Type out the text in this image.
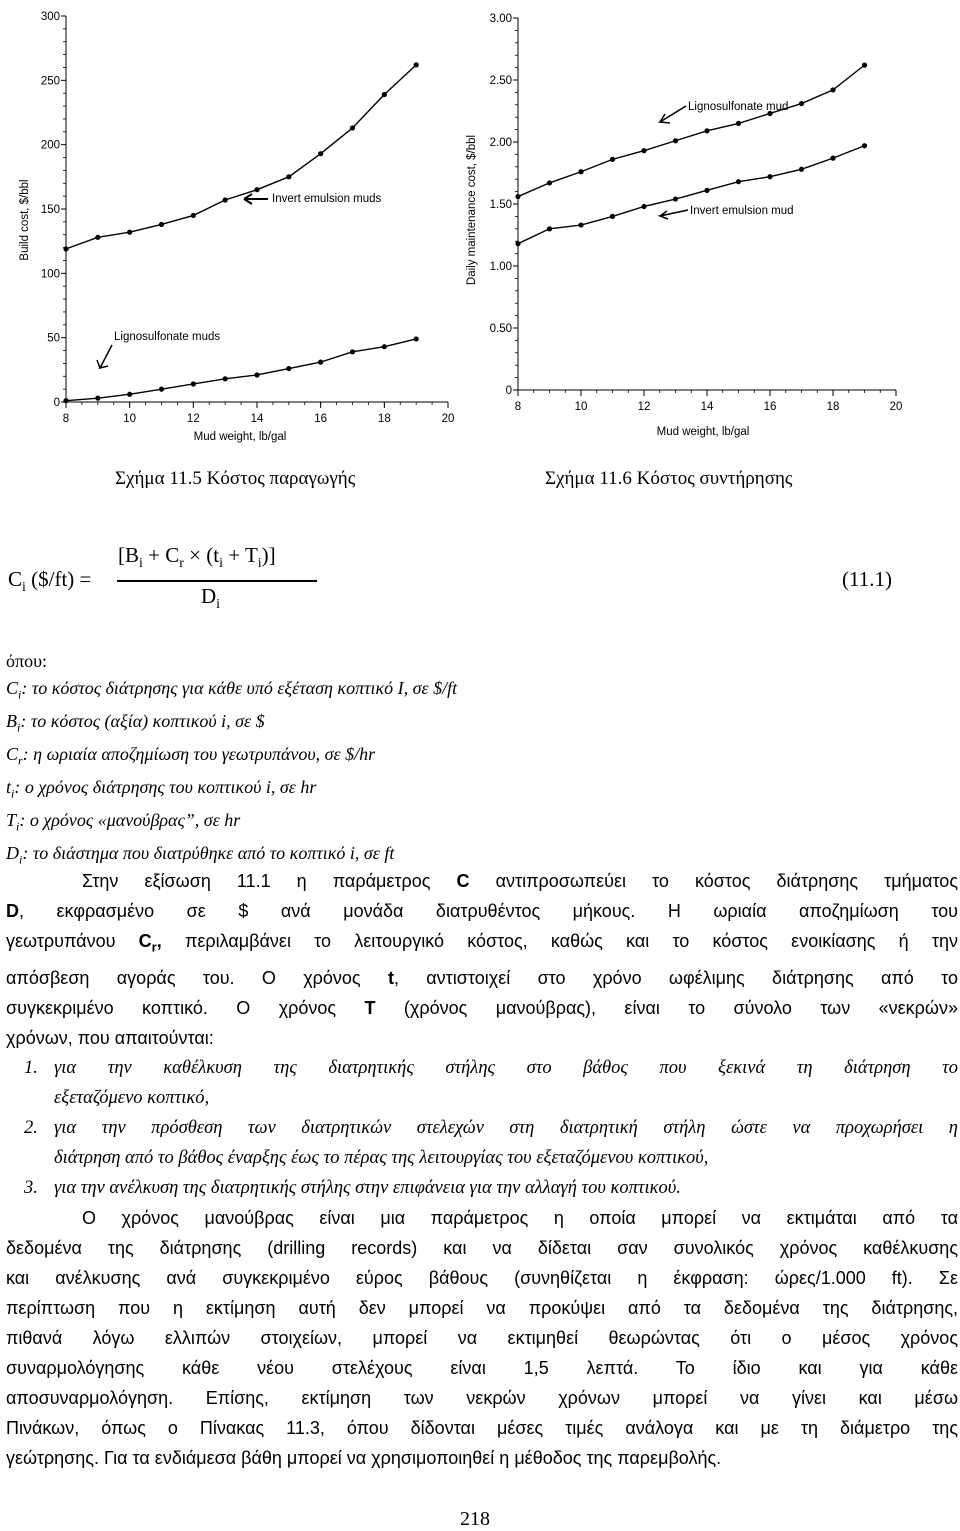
0
50
100
150
200
250
300
8	10	12	14	16	18	20
Build cost, $/bbl
Mud weight, lb/gal
Invert emulsion muds
Lignosulfonate muds
0
0.50
1.00
1.50
2.00
2.50
3.00
8	10	12	14	16	18	20
Daily maintenance cost, $/bbl
Mud weight, lb/gal
Lignosulfonate mud
Invert emulsion mud
Σχήμα 11.5 Κόστος παραγωγής	Σχήμα 11.6 Κόστος συντήρησης
$C_i$ ($/ft) =
$[B_i + C_r \times (t_i + T_i)]$
$D_i$
(11.1)
όπου:
$C_i$: το κόστος διάτρησης για κάθε υπό εξέταση κοπτικό I, σε $/ft
$B_i$: το κόστος (αξία) κοπτικού i, σε $
$C_r$: η ωριαία αποζημίωση του γεωτρυπάνου, σε $/hr
$t_i$: ο χρόνος διάτρησης του κοπτικού i, σε hr
$T_i$: ο χρόνος «μανούβρας”, σε hr
$D_i$: το διάστημα που διατρύθηκε από το κοπτικό i, σε ft
Στην εξίσωση 11.1 η παράμετρος C αντιπροσωπεύει το κόστος διάτρησης τμήματος
D, εκφρασμένο σε $ ανά μονάδα διατρυθέντος μήκους. Η ωριαία αποζημίωση του
γεωτρυπάνου $C_r$, περιλαμβάνει το λειτουργικό κόστος, καθώς και το κόστος ενοικίασης ή την
απόσβεση αγοράς του. Ο χρόνος t, αντιστοιχεί στο χρόνο ωφέλιμης διάτρησης από το
συγκεκριμένο κοπτικό. Ο χρόνος T (χρόνος μανούβρας), είναι το σύνολο των «νεκρών»
χρόνων, που απαιτούνται:
1. για την καθέλκυση της διατρητικής στήλης στο βάθος που ξεκινά τη διάτρηση το
εξεταζόμενο κοπτικό,
2. για την πρόσθεση των διατρητικών στελεχών στη διατρητική στήλη ώστε να προχωρήσει η
διάτρηση από το βάθος έναρξης έως το πέρας της λειτουργίας του εξεταζόμενου κοπτικού,
3. για την ανέλκυση της διατρητικής στήλης στην επιφάνεια για την αλλαγή του κοπτικού.
Ο χρόνος μανούβρας είναι μια παράμετρος η οποία μπορεί να εκτιμάται από τα
δεδομένα της διάτρησης (drilling records) και να δίδεται σαν συνολικός χρόνος καθέλκυσης
και ανέλκυσης ανά συγκεκριμένο εύρος βάθους (συνηθίζεται η έκφραση: ώρες/1.000 ft). Σε
περίπτωση που η εκτίμηση αυτή δεν μπορεί να προκύψει από τα δεδομένα της διάτρησης,
πιθανά λόγω ελλιπών στοιχείων, μπορεί να εκτιμηθεί θεωρώντας ότι ο μέσος χρόνος
συναρμολόγησης κάθε νέου στελέχους είναι 1,5 λεπτά. Το ίδιο και για κάθε
αποσυναρμολόγηση. Επίσης, εκτίμηση των νεκρών χρόνων μπορεί να γίνει και μέσω
Πινάκων, όπως ο Πίνακας 11.3, όπου δίδονται μέσες τιμές ανάλογα και με τη διάμετρο της
γεώτρησης. Για τα ενδιάμεσα βάθη μπορεί να χρησιμοποιηθεί η μέθοδος της παρεμβολής.
218
